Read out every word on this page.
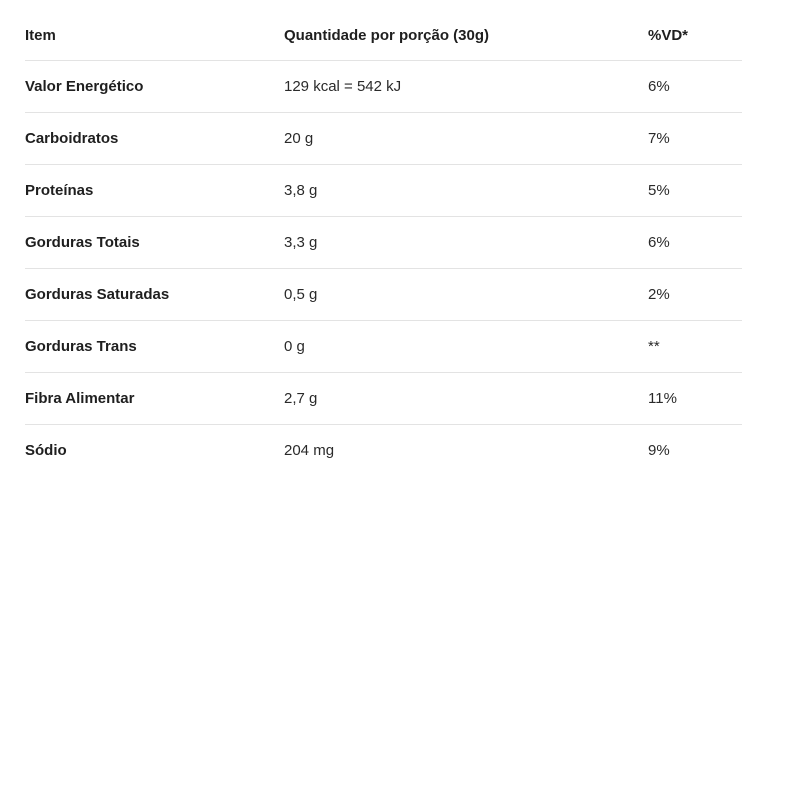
Item	Quantidade por porção (30g)	%VD*
Valor Energético	129 kcal = 542 kJ	6%
Carboidratos	20 g	7%
Proteínas	3,8 g	5%
Gorduras Totais	3,3 g	6%
Gorduras Saturadas	0,5 g	2%
Gorduras Trans	0 g	**
Fibra Alimentar	2,7 g	11%
Sódio	204 mg	9%
